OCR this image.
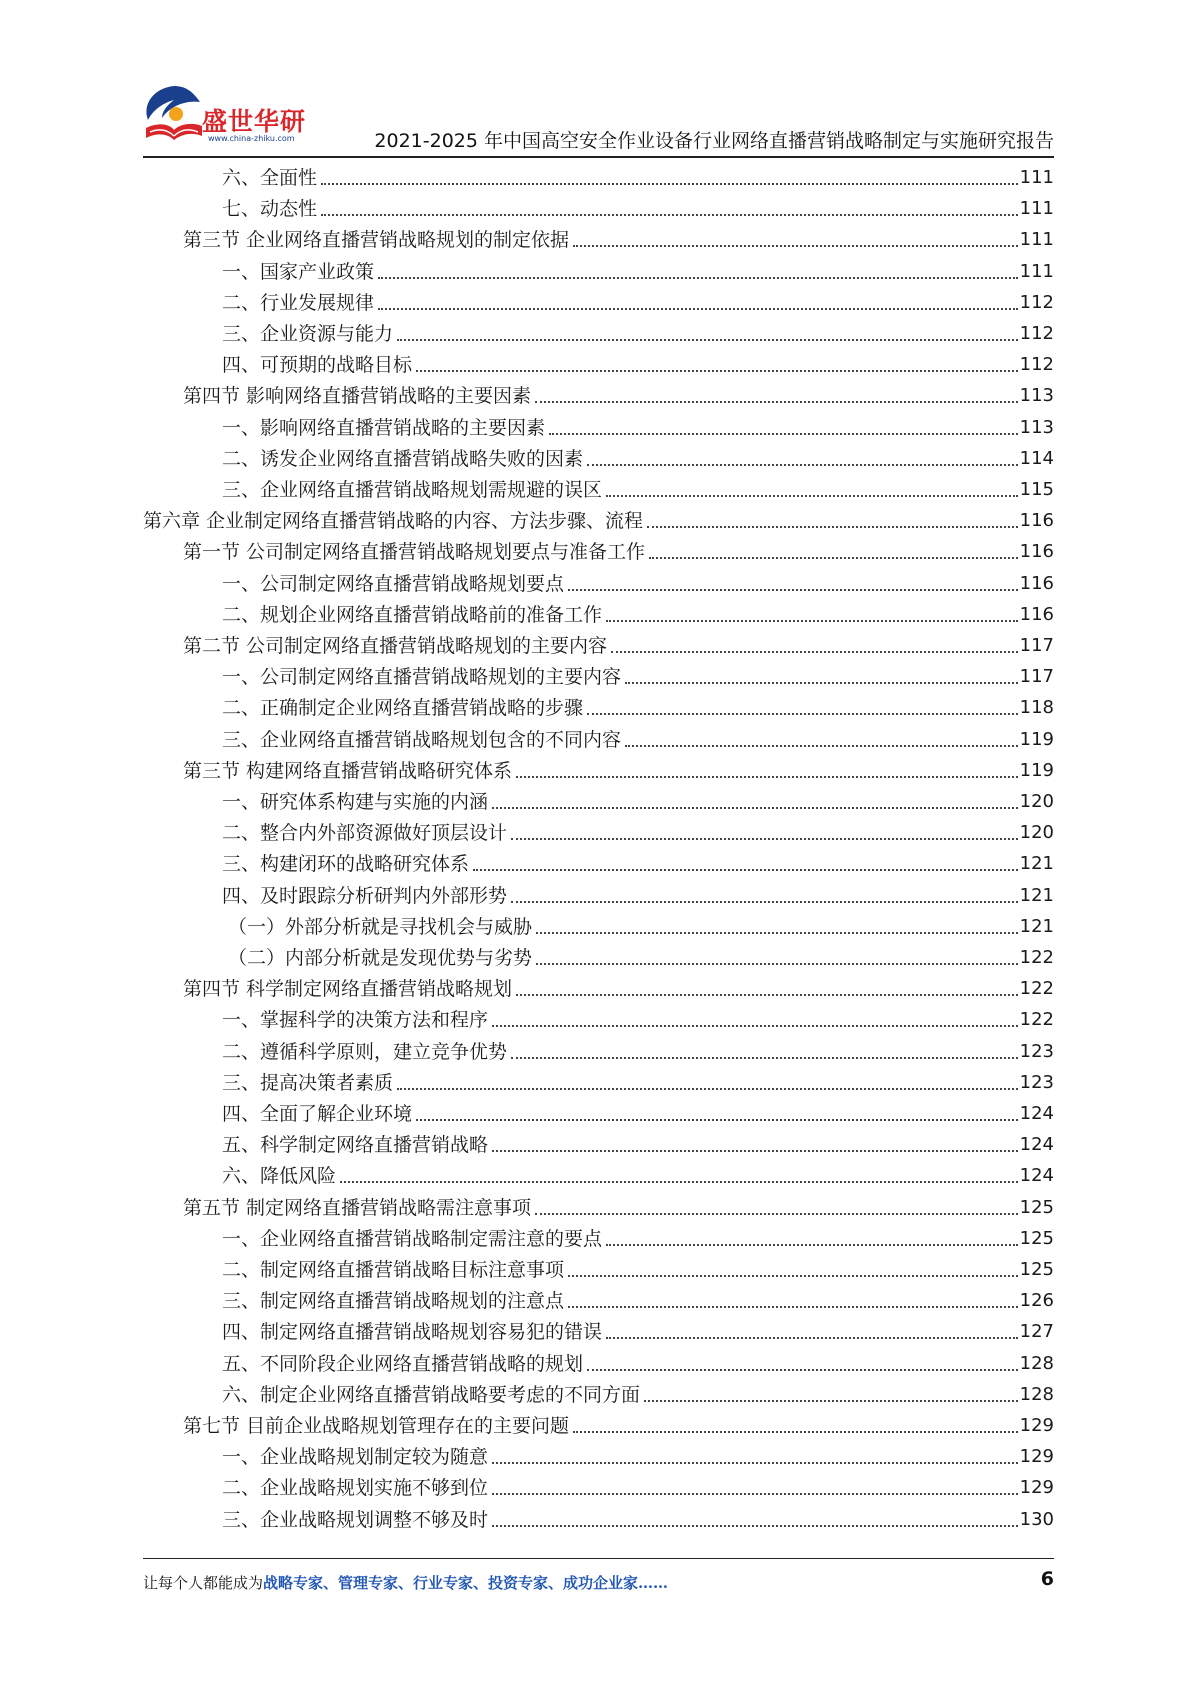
盛世华研
www.china-zhiku.com	2021-2025 年中国高空安全作业设备行业网络直播营销战略制定与实施研究报告
六、全面性	111
七、动态性	111
第三节 企业网络直播营销战略规划的制定依据	111
一、国家产业政策	111
二、行业发展规律	112
三、企业资源与能力	112
四、可预期的战略目标	112
第四节 影响网络直播营销战略的主要因素	113
一、影响网络直播营销战略的主要因素	113
二、诱发企业网络直播营销战略失败的因素	114
三、企业网络直播营销战略规划需规避的误区	115
第六章 企业制定网络直播营销战略的内容、方法步骤、流程	116
第一节 公司制定网络直播营销战略规划要点与准备工作	116
一、公司制定网络直播营销战略规划要点	116
二、规划企业网络直播营销战略前的准备工作	116
第二节 公司制定网络直播营销战略规划的主要内容	117
一、公司制定网络直播营销战略规划的主要内容	117
二、正确制定企业网络直播营销战略的步骤	118
三、企业网络直播营销战略规划包含的不同内容	119
第三节 构建网络直播营销战略研究体系	119
一、研究体系构建与实施的内涵	120
二、整合内外部资源做好顶层设计	120
三、构建闭环的战略研究体系	121
四、及时跟踪分析研判内外部形势	121
（一）外部分析就是寻找机会与威胁	121
（二）内部分析就是发现优势与劣势	122
第四节 科学制定网络直播营销战略规划	122
一、掌握科学的决策方法和程序	122
二、遵循科学原则，建立竞争优势	123
三、提高决策者素质	123
四、全面了解企业环境	124
五、科学制定网络直播营销战略	124
六、降低风险	124
第五节 制定网络直播营销战略需注意事项	125
一、企业网络直播营销战略制定需注意的要点	125
二、制定网络直播营销战略目标注意事项	125
三、制定网络直播营销战略规划的注意点	126
四、制定网络直播营销战略规划容易犯的错误	127
五、不同阶段企业网络直播营销战略的规划	128
六、制定企业网络直播营销战略要考虑的不同方面	128
第七节 目前企业战略规划管理存在的主要问题	129
一、企业战略规划制定较为随意	129
二、企业战略规划实施不够到位	129
三、企业战略规划调整不够及时	130
让每个人都能成为战略专家、管理专家、行业专家、投资专家、成功企业家……	6
